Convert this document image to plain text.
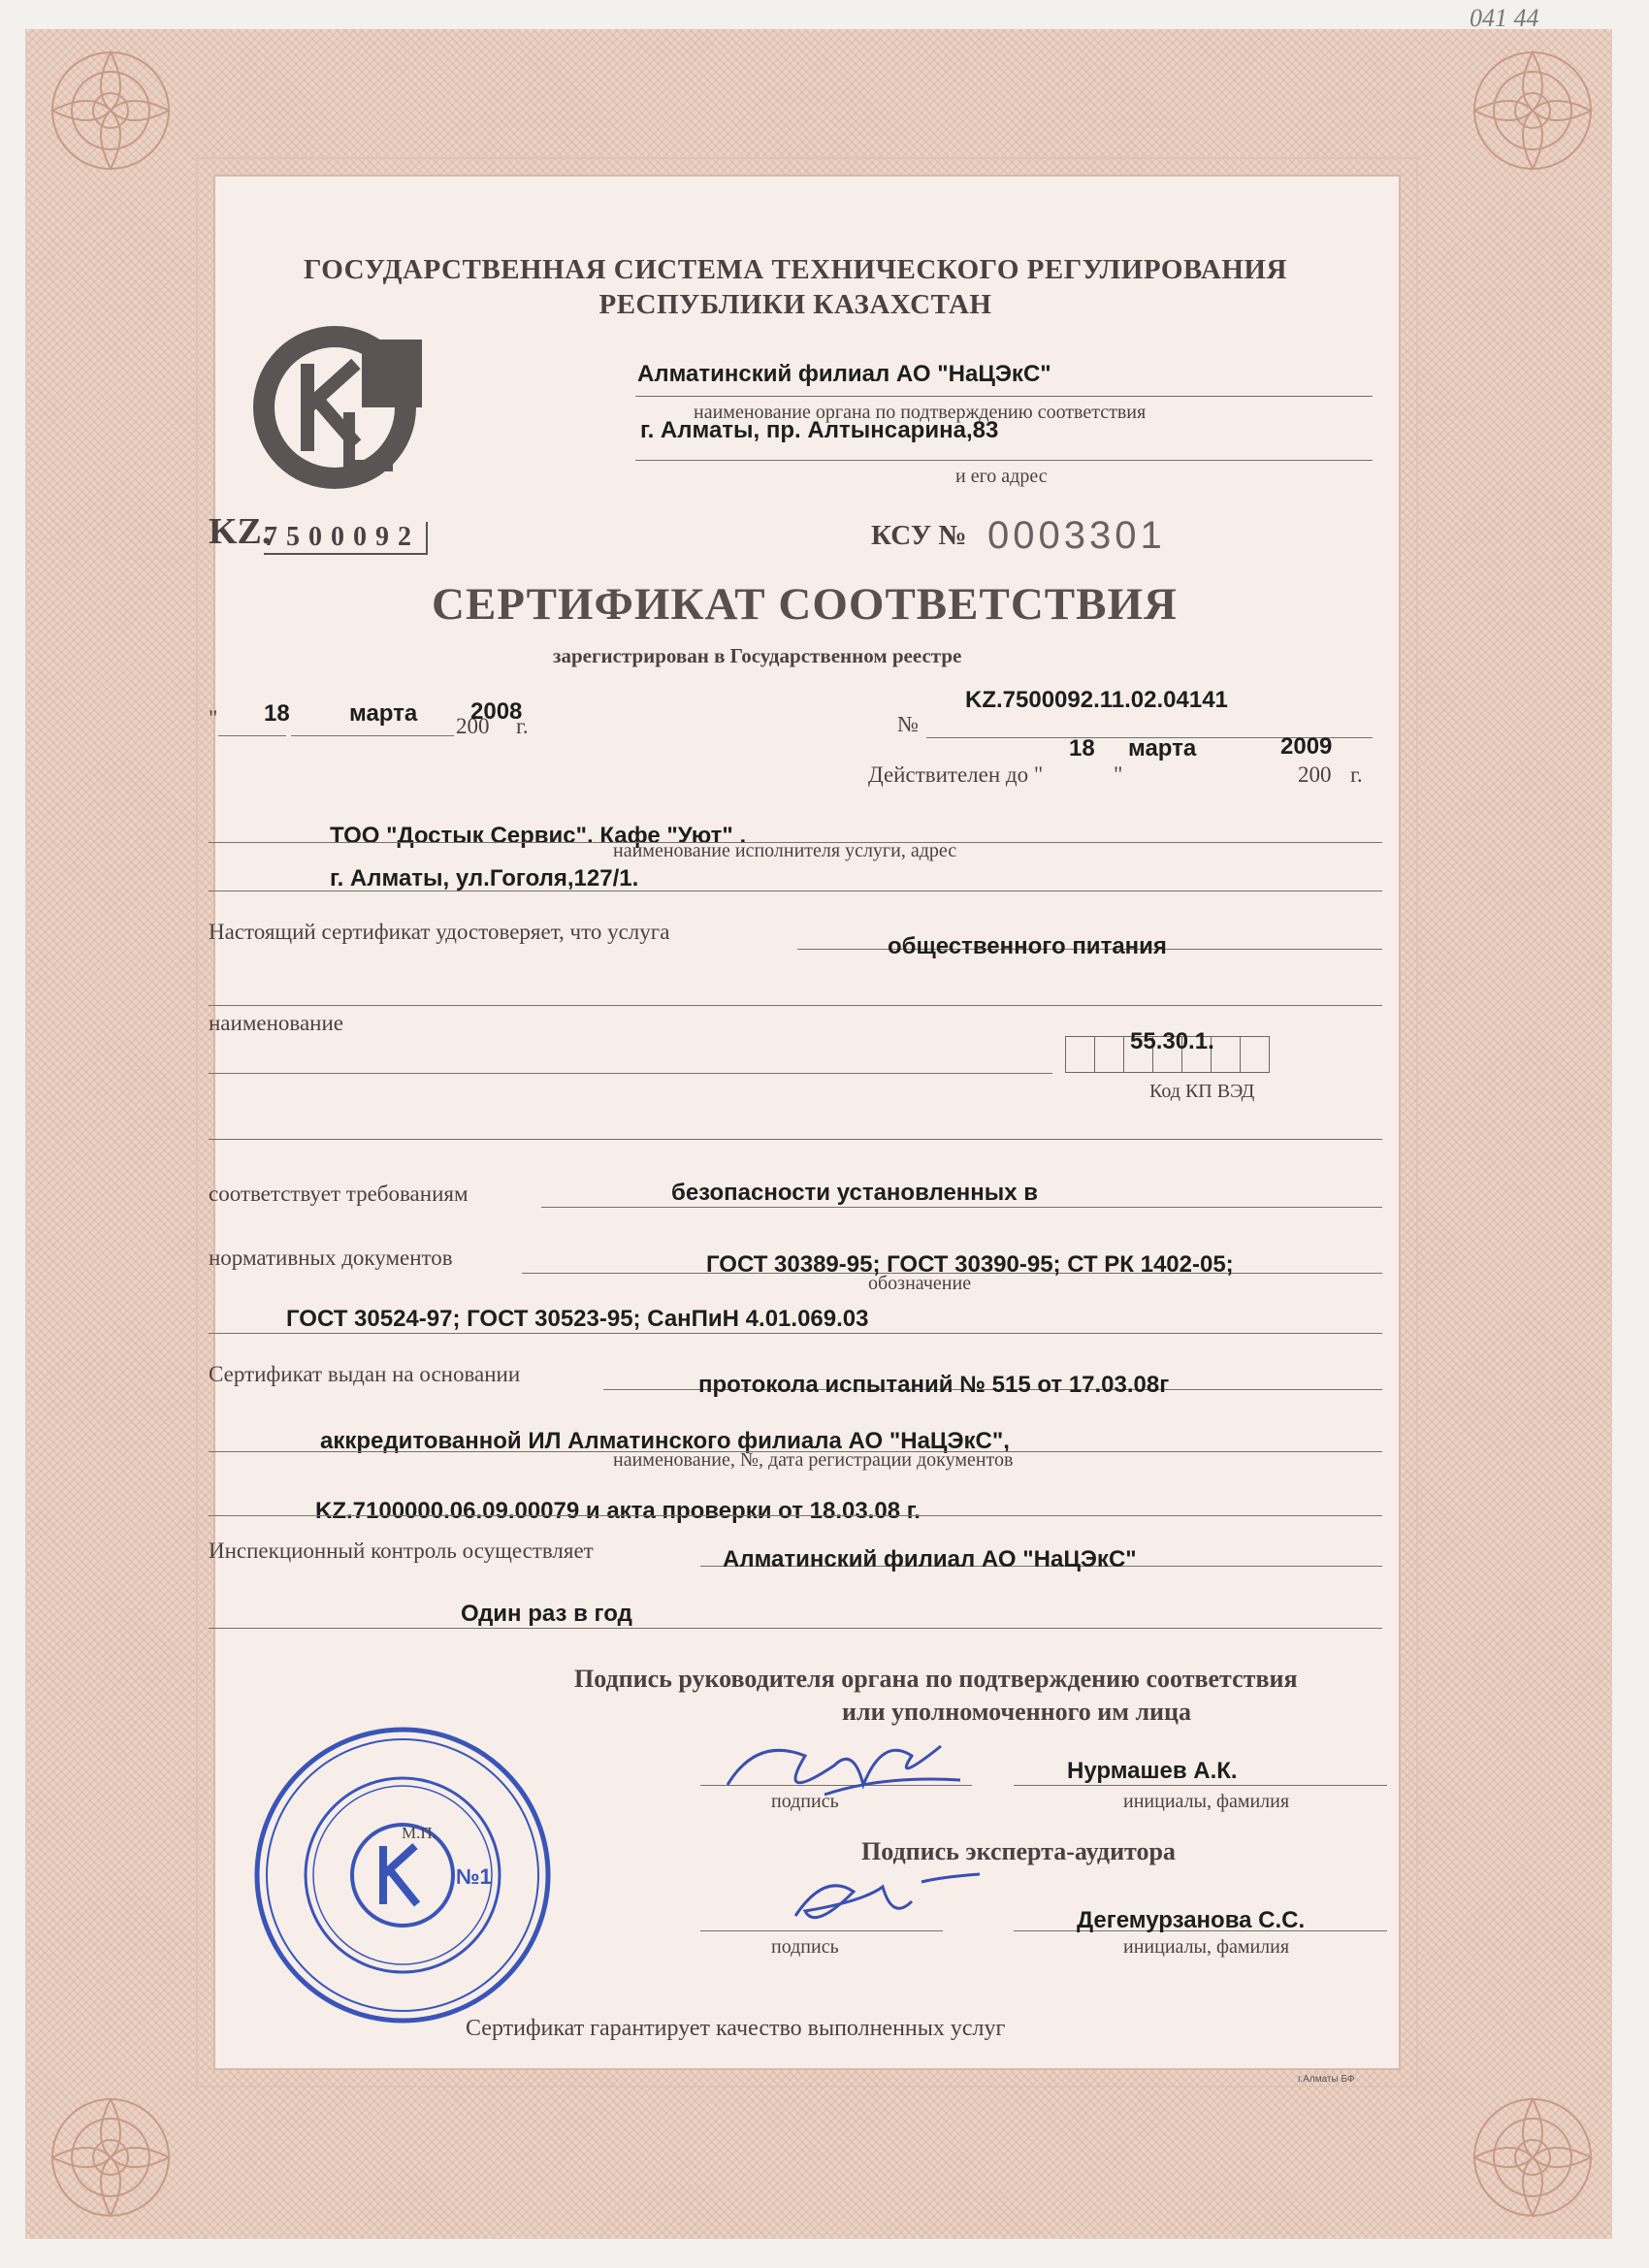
041 44
ГОСУДАРСТВЕННАЯ СИСТЕМА ТЕХНИЧЕСКОГО РЕГУЛИРОВАНИЯ
РЕСПУБЛИКИ КАЗАХСТАН
Алматинский филиал АО "НаЦЭкС"
наименование органа по подтверждению соответствия
г. Алматы, пр. Алтынсарина,83
и его адрес
KZ.
7500092	КСУ № 0003301
СЕРТИФИКАТ СООТВЕТСТВИЯ
зарегистрирован в Государственном реестре
" 18	марта 200
2008
г.	№
KZ.7500092.11.02.04141
Действителен до "
18
"
марта	2009
200 г.
ТОО "Достык Сервис". Кафе "Уют" .
наименование исполнителя услуги, адрес
г. Алматы, ул.Гоголя,127/1.
Настоящий сертификат удостоверяет, что услуга
общественного питания
наименование
55.30.1.
Код КП ВЭД
соответствует требованиям	безопасности установленных в
нормативных документов	ГОСТ 30389-95; ГОСТ 30390-95; СТ РК 1402-05;
обозначение
ГОСТ 30524-97; ГОСТ 30523-95; СанПиН 4.01.069.03
Сертификат выдан на основании	протокола испытаний № 515 от 17.03.08г
аккредитованной ИЛ Алматинского филиала АО "НаЦЭкС",
наименование, №, дата регистрации документов
KZ.7100000.06.09.00079 и акта проверки от 18.03.08 г.
Инспекционный контроль осуществляет	Алматинский филиал АО "НаЦЭкС"
Один раз в год
Подпись руководителя органа по подтверждению соответствия
или уполномоченного им лица
подпись
Нурмашев А.К.
инициалы, фамилия
Подпись эксперта-аудитора
подпись
Дегемурзанова С.С.
инициалы, фамилия
М.П.
№1
Сертификат гарантирует качество выполненных услуг
г.Алматы БФ
